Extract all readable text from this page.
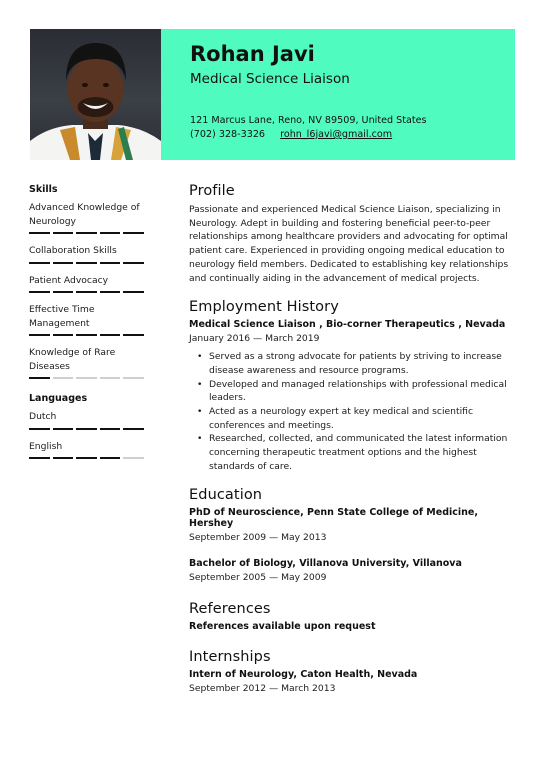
Rohan Javi
Medical Science Liaison
121 Marcus Lane, Reno, NV 89509, United States
(702) 328-3326 rohn_l6javi@gmail.com
Skills
Advanced Knowledge of Neurology
Collaboration Skills
Patient Advocacy
Effective Time Management
Knowledge of Rare Diseases
Languages
Dutch
English
Profile

Passionate and experienced Medical Science Liaison, specializing in Neurology. Adept in building and fostering beneficial peer-to-peer relationships among healthcare providers and advocating for optimal patient care. Experienced in providing ongoing medical education to neurology field members. Dedicated to establishing key relationships and continually aiding in the advancement of medical projects.

Employment History
Medical Science Liaison , Bio-corner Therapeutics , Nevada
January 2016 — March 2019
• Served as a strong advocate for patients by striving to increase disease awareness and resource programs.
• Developed and managed relationships with professional medical leaders.
• Acted as a neurology expert at key medical and scientific conferences and meetings.
• Researched, collected, and communicated the latest information concerning therapeutic treatment options and the highest standards of care.
Education
PhD of Neuroscience, Penn State College of Medicine, Hershey
September 2009 — May 2013
Bachelor of Biology, Villanova University, Villanova
September 2005 — May 2009
References
References available upon request
Internships
Intern of Neurology, Caton Health, Nevada
September 2012 — March 2013
